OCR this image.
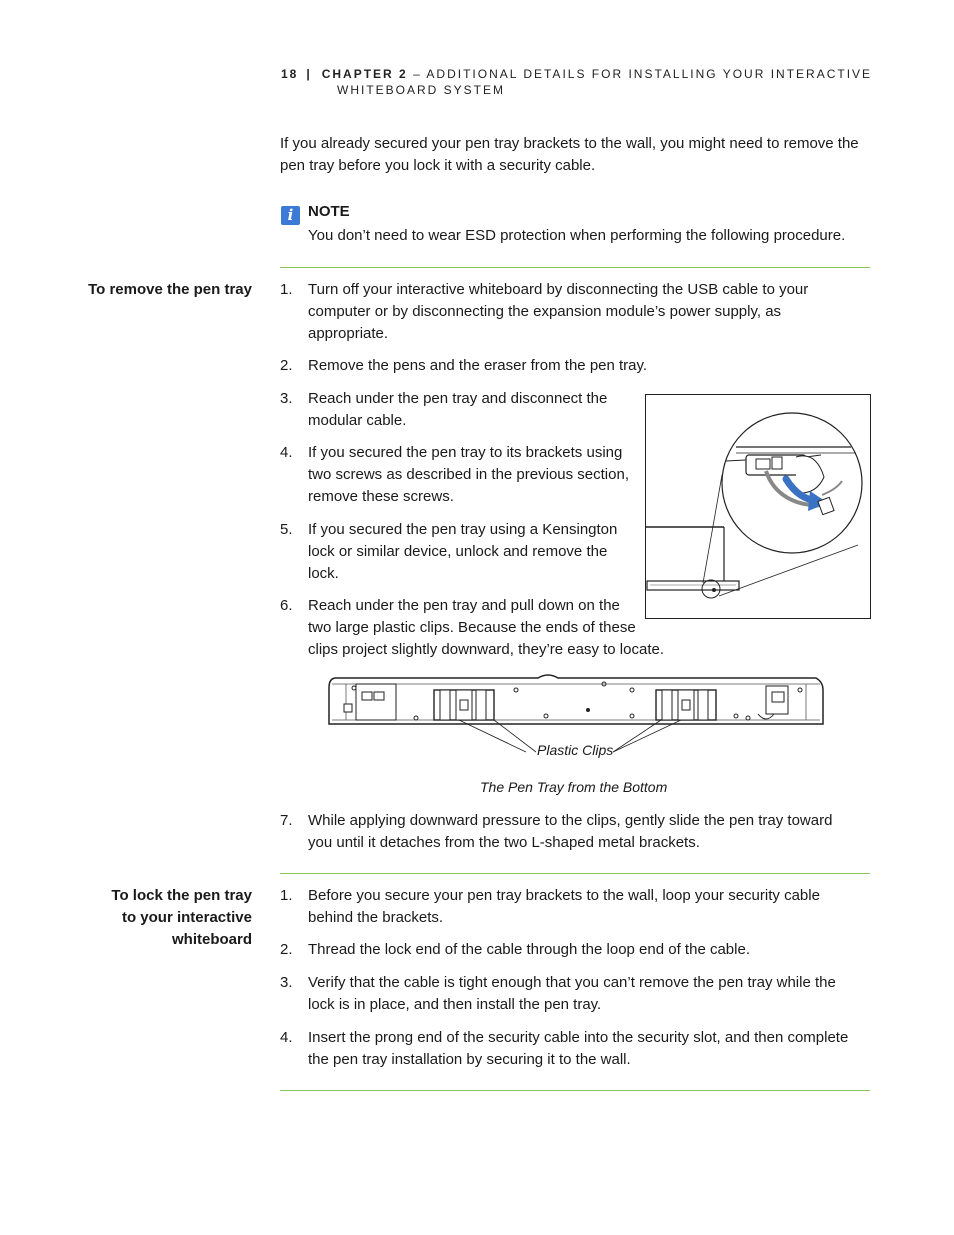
18 | CHAPTER 2 – ADDITIONAL DETAILS FOR INSTALLING YOUR INTERACTIVE
WHITEBOARD SYSTEM
If you already secured your pen tray brackets to the wall, you might need to remove the pen tray before you lock it with a security cable.
i NOTE
You don’t need to wear ESD protection when performing the following procedure.
To remove the pen tray 1. Turn off your interactive whiteboard by disconnecting the USB cable to your computer or by disconnecting the expansion module’s power supply, as appropriate.
2. Remove the pens and the eraser from the pen tray.
3. Reach under the pen tray and disconnect the modular cable.
4. If you secured the pen tray to its brackets using two screws as described in the previous section, remove these screws.
5. If you secured the pen tray using a Kensington lock or similar device, unlock and remove the lock.
6. Reach under the pen tray and pull down on the
two large plastic clips. Because the ends of these
clips project slightly downward, they’re easy to locate.
Plastic Clips
The Pen Tray from the Bottom
7. While applying downward pressure to the clips, gently slide the pen tray toward you until it detaches from the two L-shaped metal brackets.
To lock the pen tray
to your interactive
whiteboard
1. Before you secure your pen tray brackets to the wall, loop your security cable behind the brackets.
2. Thread the lock end of the cable through the loop end of the cable.
3. Verify that the cable is tight enough that you can’t remove the pen tray while the lock is in place, and then install the pen tray.
4. Insert the prong end of the security cable into the security slot, and then complete the pen tray installation by securing it to the wall.
